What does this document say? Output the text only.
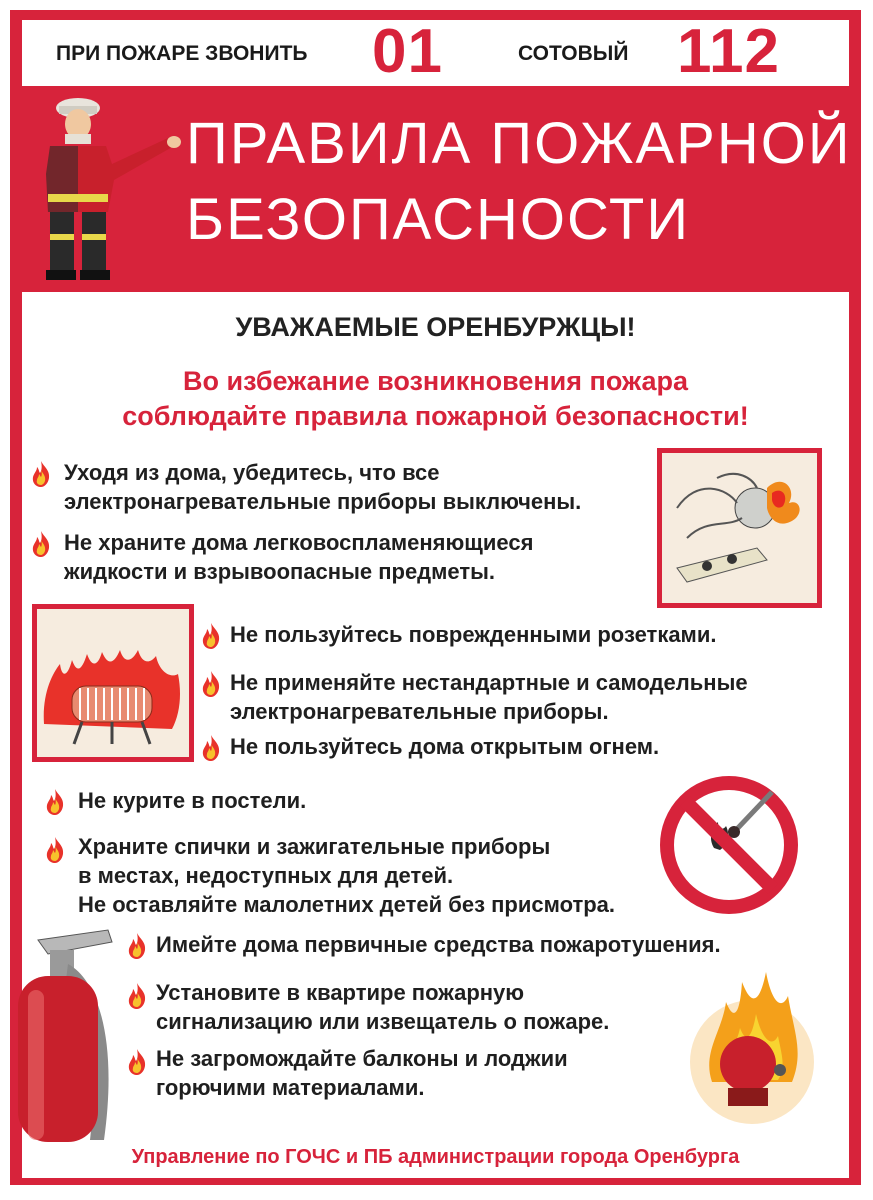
ПРИ ПОЖАРЕ ЗВОНИТЬ 01	СОТОВЫЙ 112
ПРАВИЛА ПОЖАРНОЙ
БЕЗОПАСНОСТИ
УВАЖАЕМЫЕ ОРЕНБУРЖЦЫ!
Во избежание возникновения пожара
соблюдайте правила пожарной безопасности!
Уходя из дома, убедитесь, что все
электронагревательные приборы выключены.
Не храните дома легковоспламеняющиеся
жидкости и взрывоопасные предметы.
Не пользуйтесь поврежденными розетками.
Не применяйте нестандартные и самодельные
электронагревательные приборы.
Не пользуйтесь дома открытым огнем.
Не курите в постели.
Храните спички и зажигательные приборы
в местах, недоступных для детей.
Не оставляйте малолетних детей без присмотра.
Имейте дома первичные средства пожаротушения.
Установите в квартире пожарную
сигнализацию или извещатель о пожаре.
Не загромождайте балконы и лоджии
горючими материалами.
Управление по ГОЧС и ПБ администрации города Оренбурга
